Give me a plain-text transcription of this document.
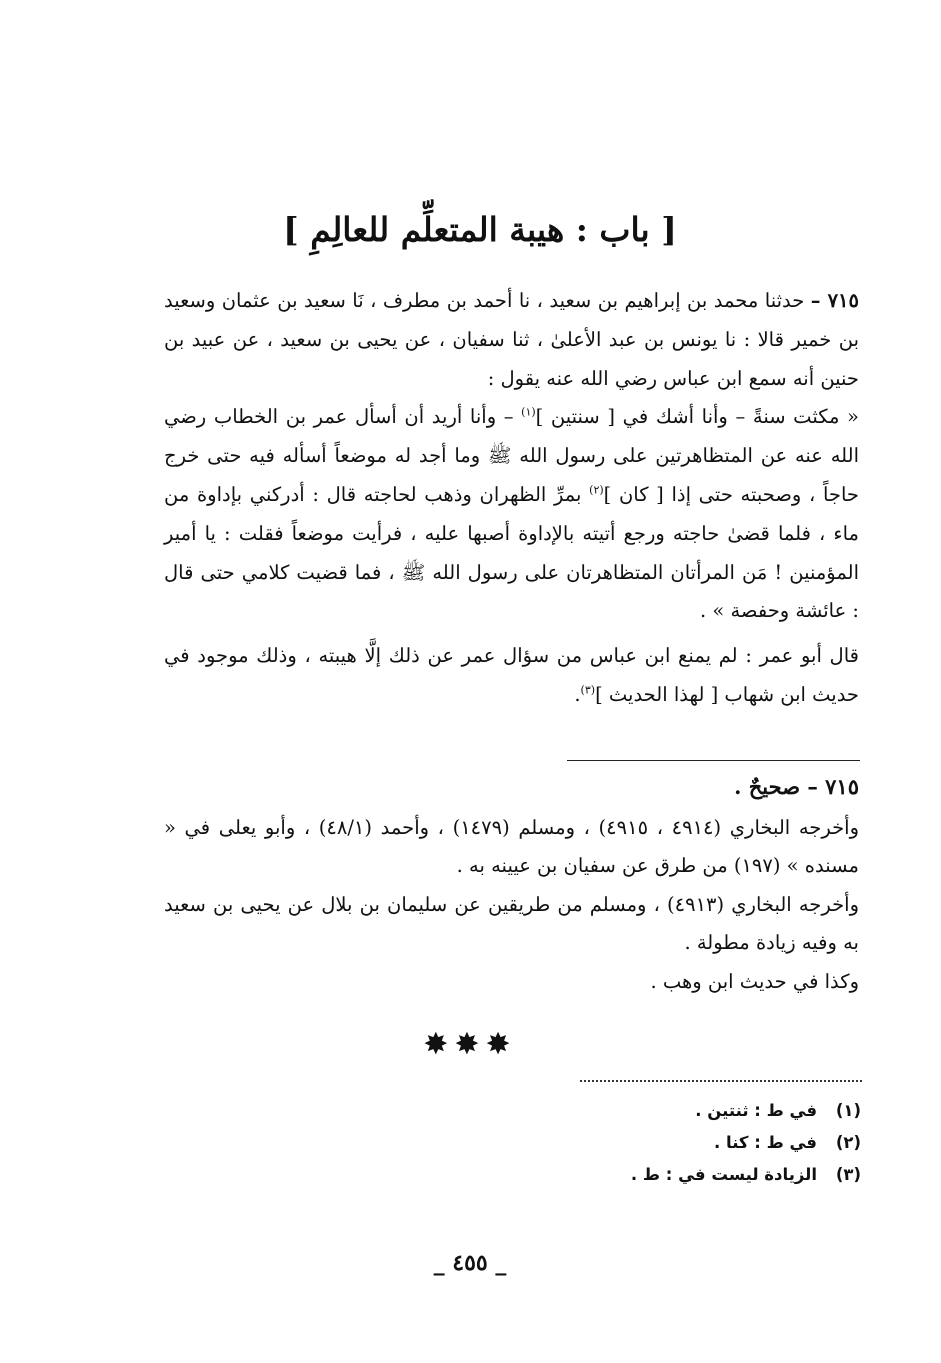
[ باب : هيبة المتعلِّم للعالِمِ ]

٧١٥ – حدثنا محمد بن إبراهيم بن سعيد ، نا أحمد بن مطرف ، نَا سعيد بن عثمان وسعيد بن خمير قالا : نا يونس بن عبد الأعلىٰ ، ثنا سفيان ، عن يحيى بن سعيد ، عن عبيد بن حنين أنه سمع ابن عباس رضي الله عنه يقول :

« مكثت سنةً – وأنا أشك في [ سنتين ]$^{(١)}$ – وأنا أريد أن أسأل عمر بن الخطاب رضي الله عنه عن المتظاهرتين على رسول الله ﷺ وما أجد له موضعاً أسأله فيه حتى خرج حاجاً ، وصحبته حتى إذا [ كان ]$^{(٢)}$ بمرِّ الظهران وذهب لحاجته قال : أدركني بإداوة من ماء ، فلما قضىٰ حاجته ورجع أتيته بالإداوة أصبها عليه ، فرأيت موضعاً فقلت : يا أمير المؤمنين ! مَن المرأتان المتظاهرتان على رسول الله ﷺ ، فما قضيت كلامي حتى قال : عائشة وحفصة » .

قال أبو عمر : لم يمنع ابن عباس من سؤال عمر عن ذلك إلَّا هيبته ، وذلك موجود في حديث ابن شهاب [ لهذا الحديث ]$^{(٣)}$.

٧١٥ – صحيحٌ .

وأخرجه البخاري (٤٩١٤ ، ٤٩١٥) ، ومسلم (١٤٧٩) ، وأحمد (٤٨/١) ، وأبو يعلى في « مسنده » (١٩٧) من طرق عن سفيان بن عيينه به .

وأخرجه البخاري (٤٩١٣) ، ومسلم من طريقين عن سليمان بن بلال عن يحيى بن سعيد به وفيه زيادة مطولة .

وكذا في حديث ابن وهب .

✸✸✸
(١)
في ط : ثنتين .
(٢)
في ط : كنا .
(٣)
الزيادة ليست في : ط .
_ ٤٥٥ _
